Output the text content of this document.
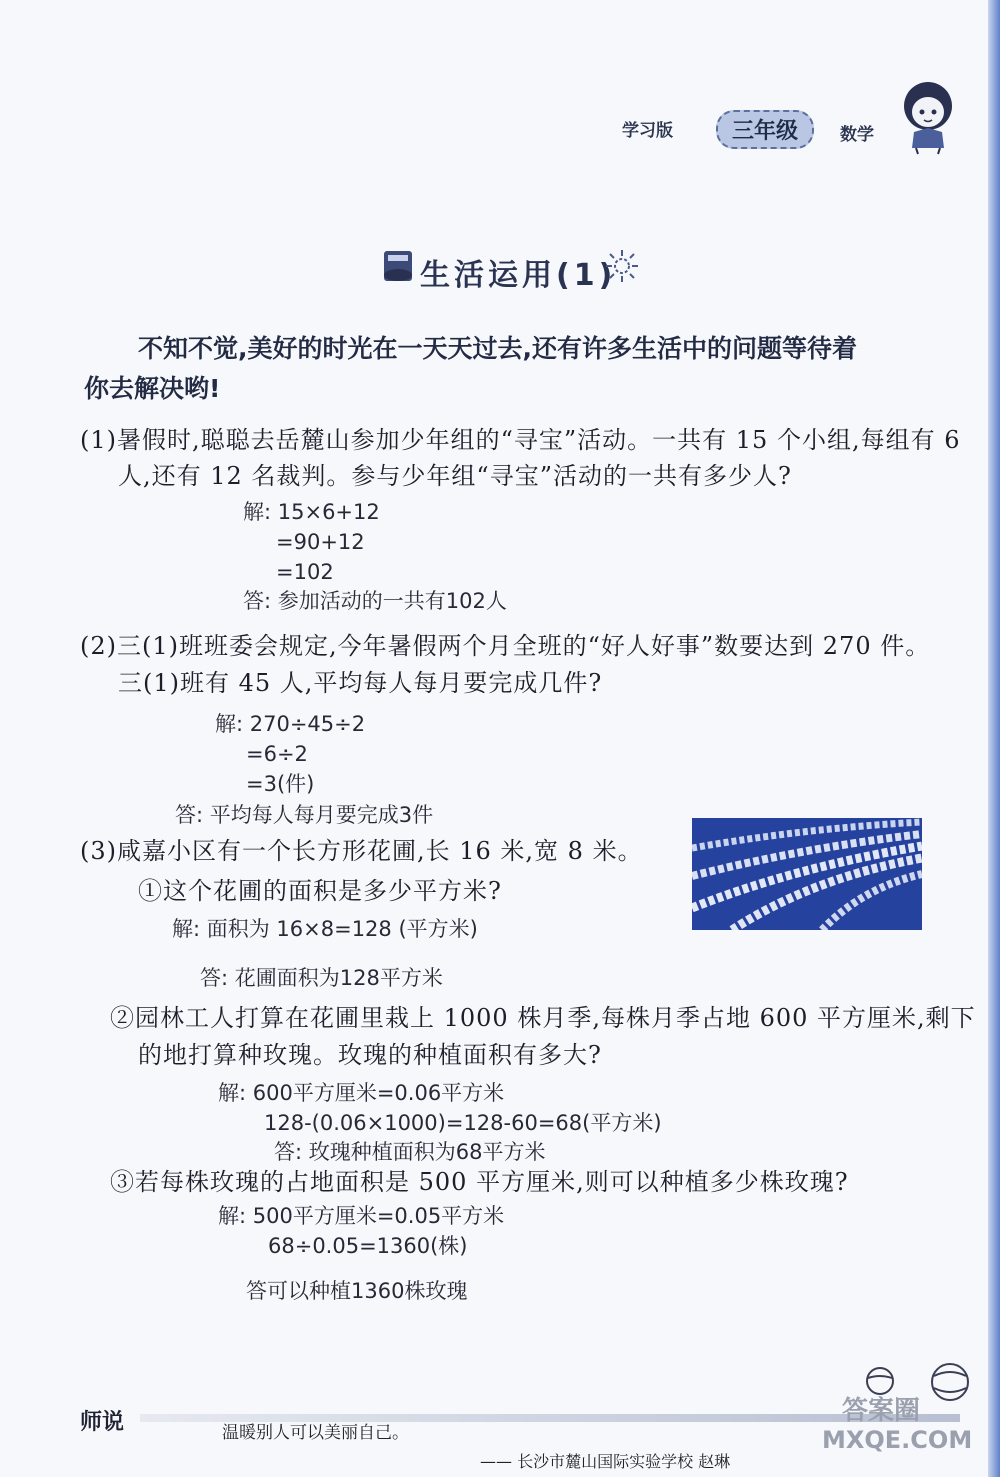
学习版	三年级	数学
生活运用(1)
不知不觉,美好的时光在一天天过去,还有许多生活中的问题等待着
你去解决哟!
(1)暑假时,聪聪去岳麓山参加少年组的“寻宝”活动。一共有 15 个小组,每组有 6
人,还有 12 名裁判。参与少年组“寻宝”活动的一共有多少人?
解: 15×6+12
=90+12
=102
答: 参加活动的一共有102人
(2)三(1)班班委会规定,今年暑假两个月全班的“好人好事”数要达到 270 件。
三(1)班有 45 人,平均每人每月要完成几件?
解: 270÷45÷2
=6÷2
=3(件)
答: 平均每人每月要完成3件
(3)咸嘉小区有一个长方形花圃,长 16 米,宽 8 米。
①这个花圃的面积是多少平方米?
解: 面积为 16×8=128 (平方米)
答: 花圃面积为128平方米
②园林工人打算在花圃里栽上 1000 株月季,每株月季占地 600 平方厘米,剩下
的地打算种玫瑰。玫瑰的种植面积有多大?
解: 600平方厘米=0.06平方米
128-(0.06×1000)=128-60=68(平方米)
答: 玫瑰种植面积为68平方米
③若每株玫瑰的占地面积是 500 平方厘米,则可以种植多少株玫瑰?
解: 500平方厘米=0.05平方米
68÷0.05=1360(株)
答可以种植1360株玫瑰
师说	温暖别人可以美丽自己。
—— 长沙市麓山国际实验学校 赵琳
答案圈
MXQE.COM
